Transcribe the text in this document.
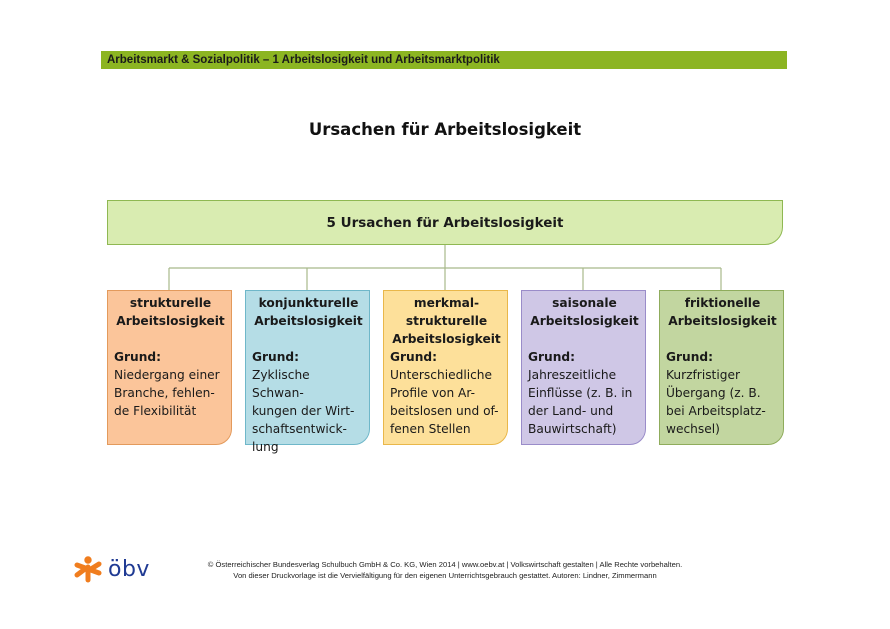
Arbeitsmarkt & Sozialpolitik – 1 Arbeitslosigkeit und Arbeitsmarktpolitik
Ursachen für Arbeitslosigkeit
5 Ursachen für Arbeitslosigkeit
strukturelle
Arbeitslosigkeit
Grund:
Niedergang einer
Branche, fehlen-
de Flexibilität
konjunkturelle
Arbeitslosigkeit
Grund:
Zyklische Schwan-
kungen der Wirt-
schaftsentwick-
lung
merkmal-
strukturelle
Arbeitslosigkeit
Grund:
Unterschiedliche
Profile von Ar-
beitslosen und of-
fenen Stellen
saisonale
Arbeitslosigkeit
Grund:
Jahreszeitliche
Einflüsse (z. B. in
der Land- und
Bauwirtschaft)
friktionelle
Arbeitslosigkeit
Grund:
Kurzfristiger
Übergang (z. B.
bei Arbeitsplatz-
wechsel)
öbv	© Österreichischer Bundesverlag Schulbuch GmbH & Co. KG, Wien 2014 | www.oebv.at | Volkswirtschaft gestalten | Alle Rechte vorbehalten.
Von dieser Druckvorlage ist die Vervielfältigung für den eigenen Unterrichtsgebrauch gestattet. Autoren: Lindner, Zimmermann
